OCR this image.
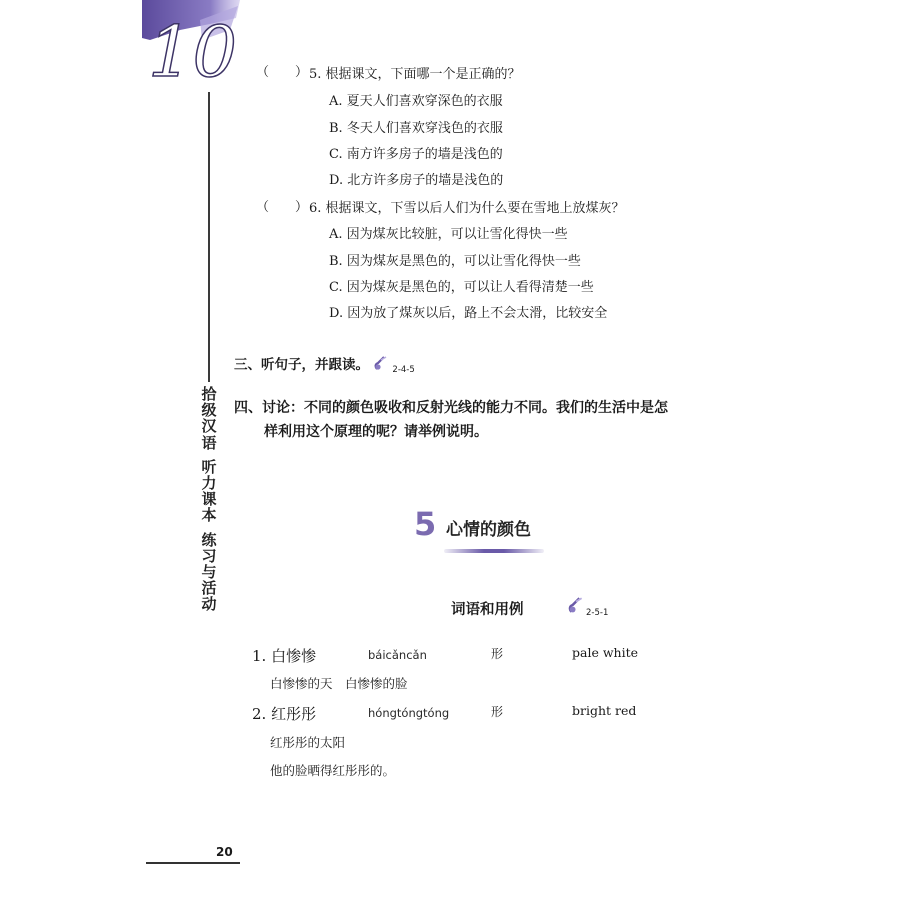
10
拾
级
汉
语
听
力
课
本
练
习
与
活
动
（　　） 5. 根据课文，下面哪一个是正确的？
A. 夏天人们喜欢穿深色的衣服
B. 冬天人们喜欢穿浅色的衣服
C. 南方许多房子的墙是浅色的
D. 北方许多房子的墙是浅色的
（　　） 6. 根据课文，下雪以后人们为什么要在雪地上放煤灰？
A. 因为煤灰比较脏，可以让雪化得快一些
B. 因为煤灰是黑色的，可以让雪化得快一些
C. 因为煤灰是黑色的，可以让人看得清楚一些
D. 因为放了煤灰以后，路上不会太滑，比较安全
三、听句子，并跟读。	$_{2-4-5}$
四、讨论：不同的颜色吸收和反射光线的能力不同。我们的生活中是怎
样利用这个原理的呢？请举例说明。
5 心情的颜色
词语和用例	2-5-1
1. 白惨惨	báicǎncǎn	形	pale white
白惨惨的天　白惨惨的脸
2. 红彤彤	hóngtóngtóng	形	bright red
红彤彤的太阳
他的脸晒得红彤彤的。
20
